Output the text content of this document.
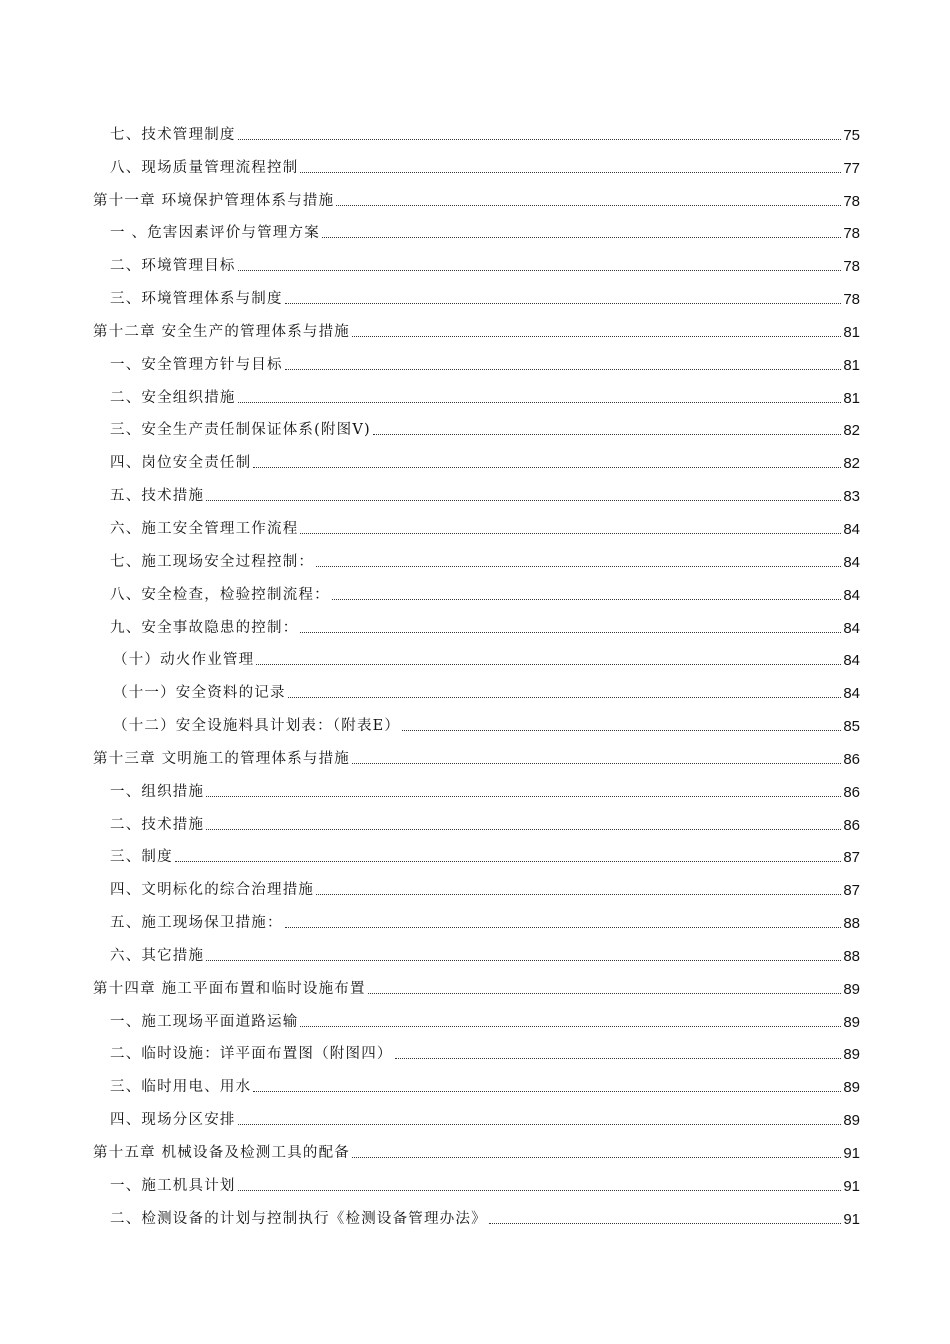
七、技术管理制度	75
八、现场质量管理流程控制	77
第十一章 环境保护管理体系与措施	78
一 、危害因素评价与管理方案	78
二、环境管理目标	78
三、环境管理体系与制度	78
第十二章 安全生产的管理体系与措施	81
一、安全管理方针与目标	81
二、安全组织措施	81
三、安全生产责任制保证体系(附图V)	82
四、岗位安全责任制	82
五、技术措施	83
六、施工安全管理工作流程	84
七、施工现场安全过程控制：	84
八、安全检查，检验控制流程：	84
九、安全事故隐患的控制：	84
（十）动火作业管理	84
（十一）安全资料的记录	84
（十二）安全设施料具计划表：（附表E）	85
第十三章 文明施工的管理体系与措施	86
一、组织措施	86
二、技术措施	86
三、制度	87
四、文明标化的综合治理措施	87
五、施工现场保卫措施：	88
六、其它措施	88
第十四章 施工平面布置和临时设施布置	89
一、施工现场平面道路运输	89
二、临时设施：详平面布置图（附图四）	89
三、临时用电、用水	89
四、现场分区安排	89
第十五章 机械设备及检测工具的配备	91
一、施工机具计划	91
二、检测设备的计划与控制执行《检测设备管理办法》	91
